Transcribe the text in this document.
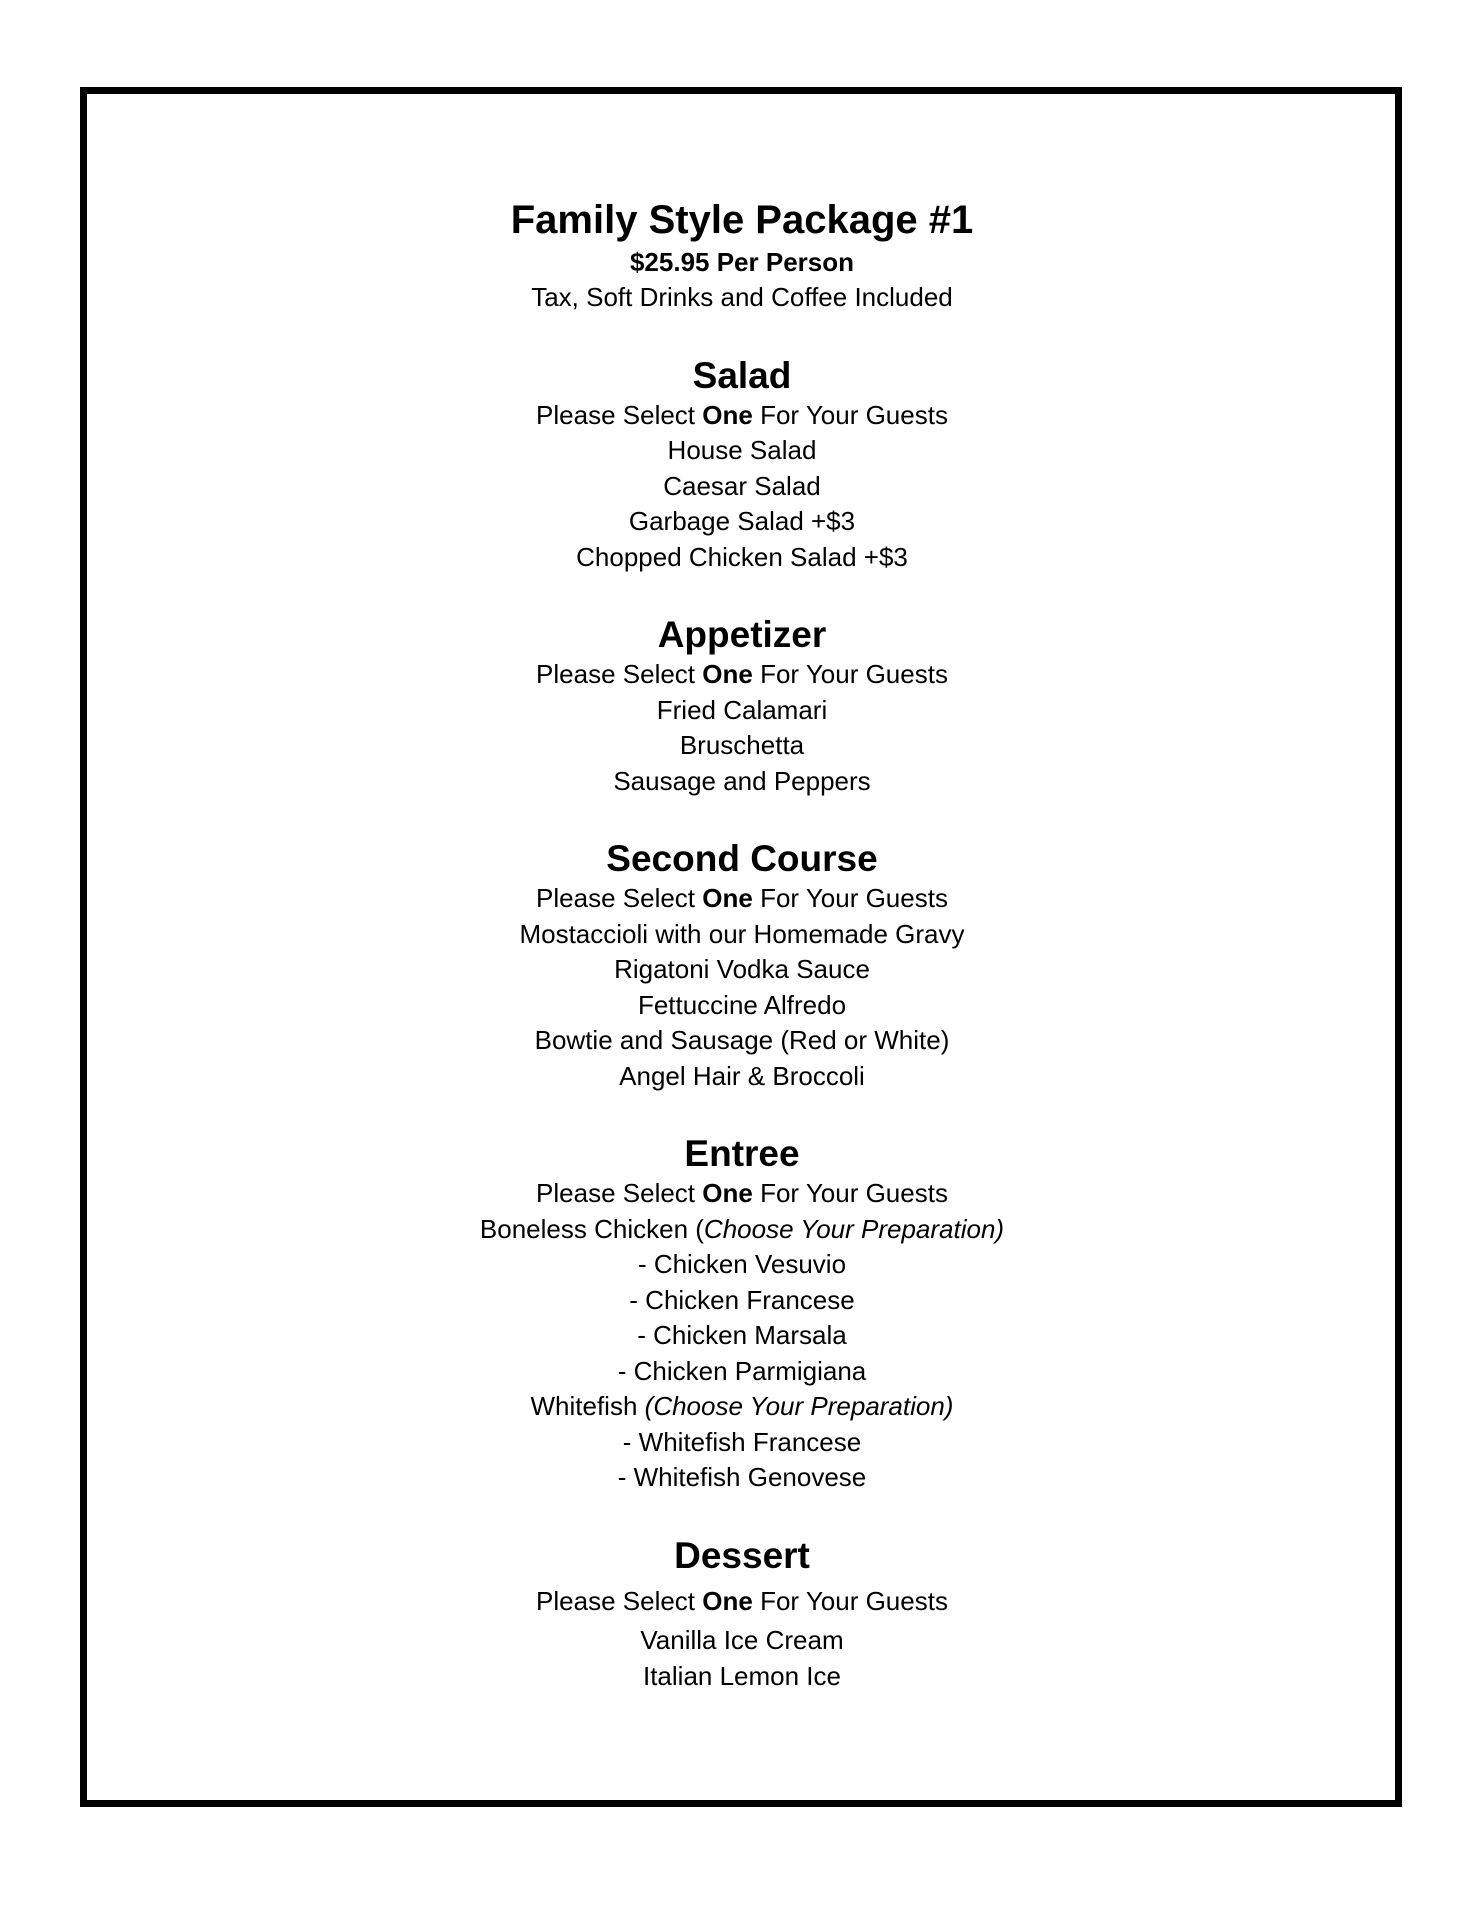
Family Style Package #1

$25.95 Per Person

Tax, Soft Drinks and Coffee Included

Salad

Please Select One For Your Guests

House Salad

Caesar Salad

Garbage Salad +$3

Chopped Chicken Salad +$3

Appetizer

Please Select One For Your Guests

Fried Calamari

Bruschetta

Sausage and Peppers

Second Course

Please Select One For Your Guests

Mostaccioli with our Homemade Gravy

Rigatoni Vodka Sauce

Fettuccine Alfredo

Bowtie and Sausage (Red or White)

Angel Hair & Broccoli

Entree

Please Select One For Your Guests

Boneless Chicken (Choose Your Preparation)

- Chicken Vesuvio

- Chicken Francese

- Chicken Marsala

- Chicken Parmigiana

Whitefish (Choose Your Preparation)

- Whitefish Francese

- Whitefish Genovese

Dessert

Please Select One For Your Guests

Vanilla Ice Cream

Italian Lemon Ice
